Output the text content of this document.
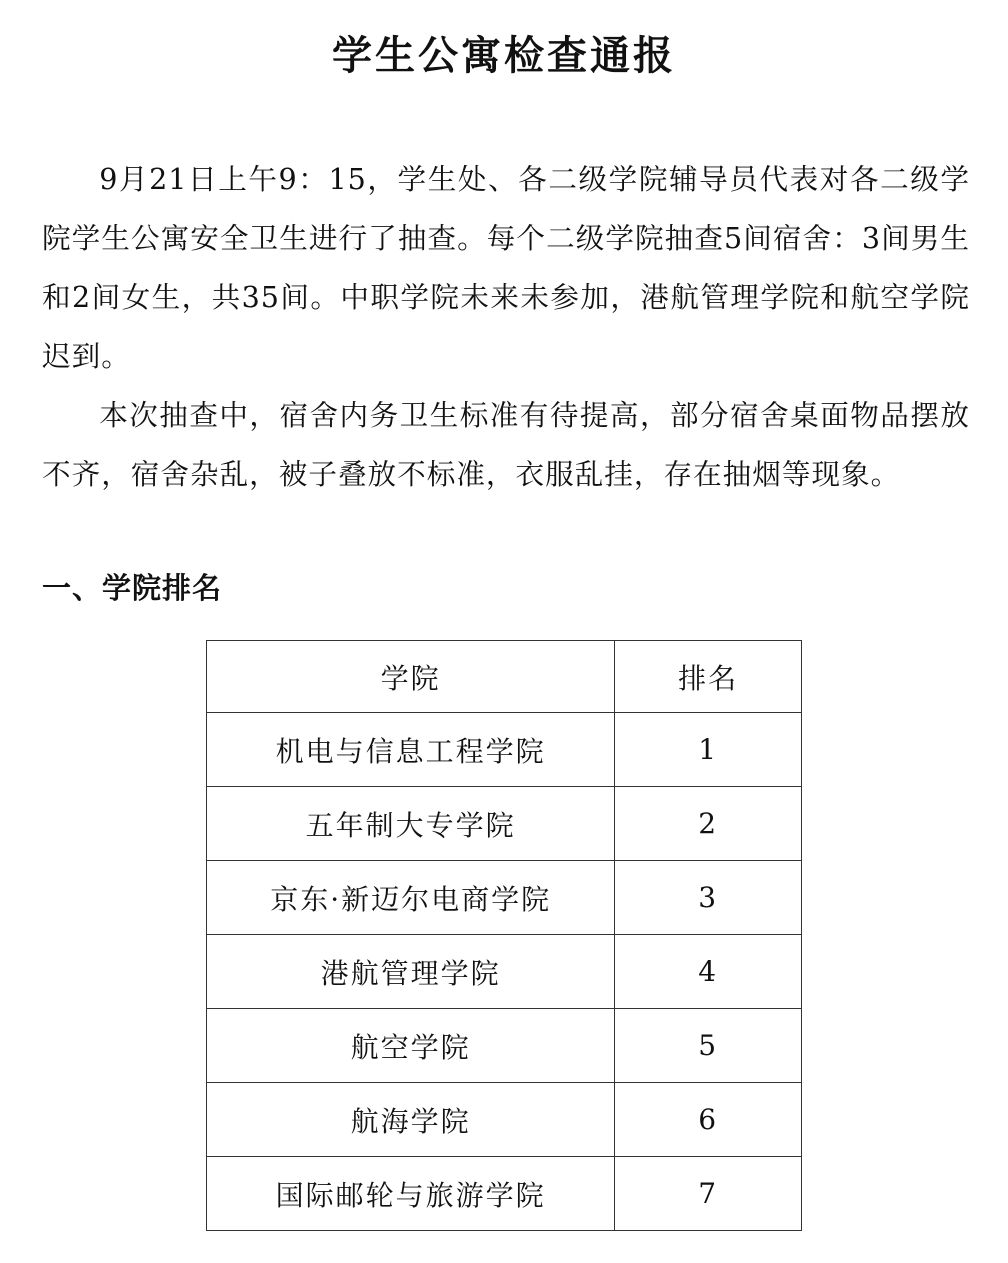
学生公寓检查通报

9月21日上午9：15，学生处、各二级学院辅导员代表对各二级学院学生公寓安全卫生进行了抽查。每个二级学院抽查5间宿舍：3间男生和2间女生，共35间。中职学院未来未参加，港航管理学院和航空学院迟到。

本次抽查中，宿舍内务卫生标准有待提高，部分宿舍桌面物品摆放不齐，宿舍杂乱，被子叠放不标准，衣服乱挂，存在抽烟等现象。

一、学院排名
学院	排名
机电与信息工程学院	1
五年制大专学院	2
京东·新迈尔电商学院	3
港航管理学院	4
航空学院	5
航海学院	6
国际邮轮与旅游学院	7
